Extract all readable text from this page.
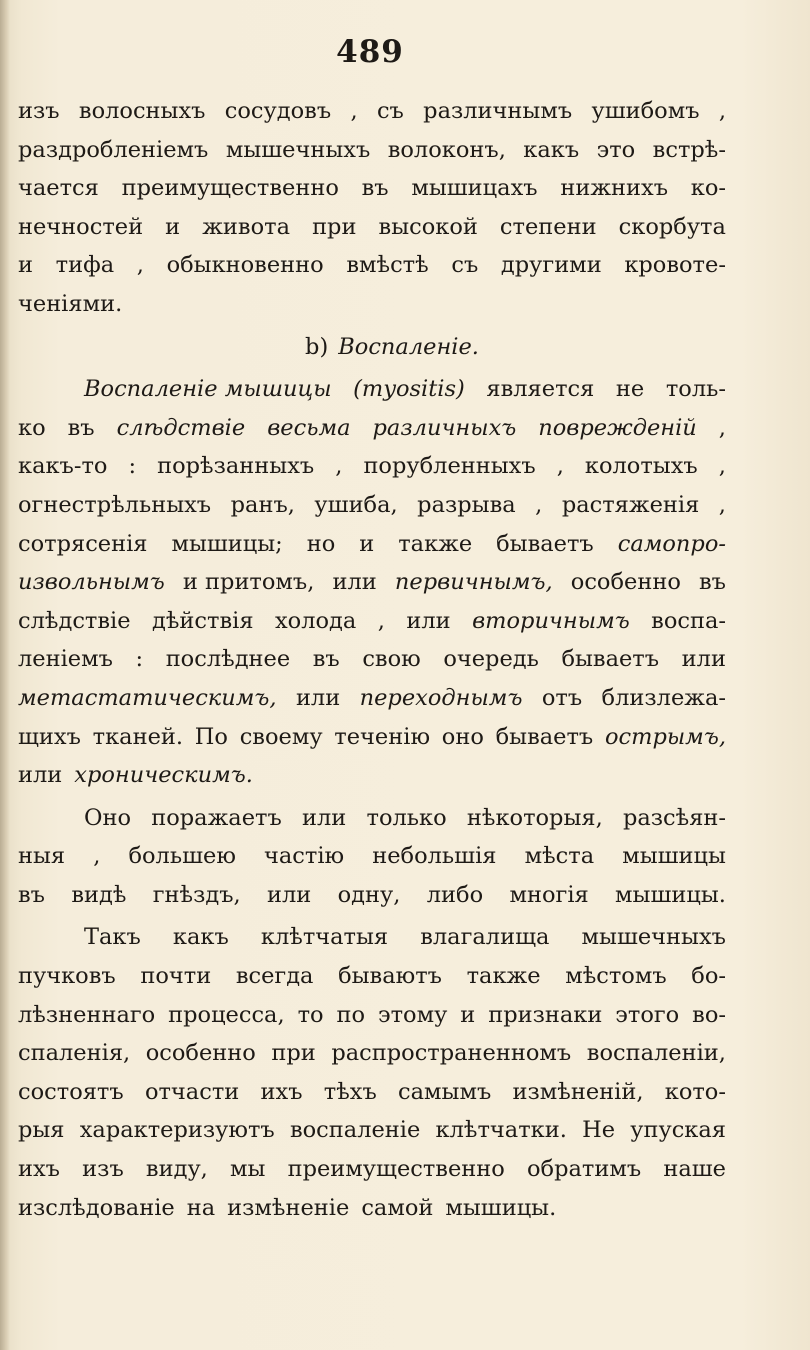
489
изъ волосныхъ сосудовъ , съ различнымъ ушибомъ ,
раздробленіемъ мышечныхъ волоконъ, какъ это встрѣ-
чается преимущественно въ мышицахъ нижнихъ ко-
нечностей и живота при высокой степени скорбута
и тифа , обыкновенно вмѣстѣ съ другими кровоте-
ченіями.
b) Воспаленіе.
Воспаленіе мышицы (myositis) является не толь-
ко въ слѣдствіе весьма различныхъ поврежденій ,
какъ-то : порѣзанныхъ , порубленныхъ , колотыхъ ,
огнестрѣльныхъ ранъ, ушиба, разрыва , растяженія ,
сотрясенія мышицы; но и также бываетъ самопро-
извольнымъ и притомъ, или первичнымъ, особенно въ
слѣдствіе дѣйствія холода , или вторичнымъ воспа-
леніемъ : послѣднее въ свою очередь бываетъ или
метастатическимъ, или переходнымъ отъ близлежа-
щихъ тканей. По своему теченію оно бываетъ острымъ,
или хроническимъ.
Оно поражаетъ или только нѣкоторыя, разсѣян-
ныя , большею частію небольшія мѣста мышицы
въ видѣ гнѣздъ, или одну, либо многія мышицы.
Такъ какъ клѣтчатыя влагалища мышечныхъ
пучковъ почти всегда бываютъ также мѣстомъ бо-
лѣзненнаго процесса, то по этому и признаки этого во-
спаленія, особенно при распространенномъ воспаленіи,
состоятъ отчасти ихъ тѣхъ самымъ измѣненій, кото-
рыя характеризуютъ воспаленіе клѣтчатки. Не упуская
ихъ изъ виду, мы преимущественно обратимъ наше
изслѣдованіе на измѣненіе самой мышицы.
